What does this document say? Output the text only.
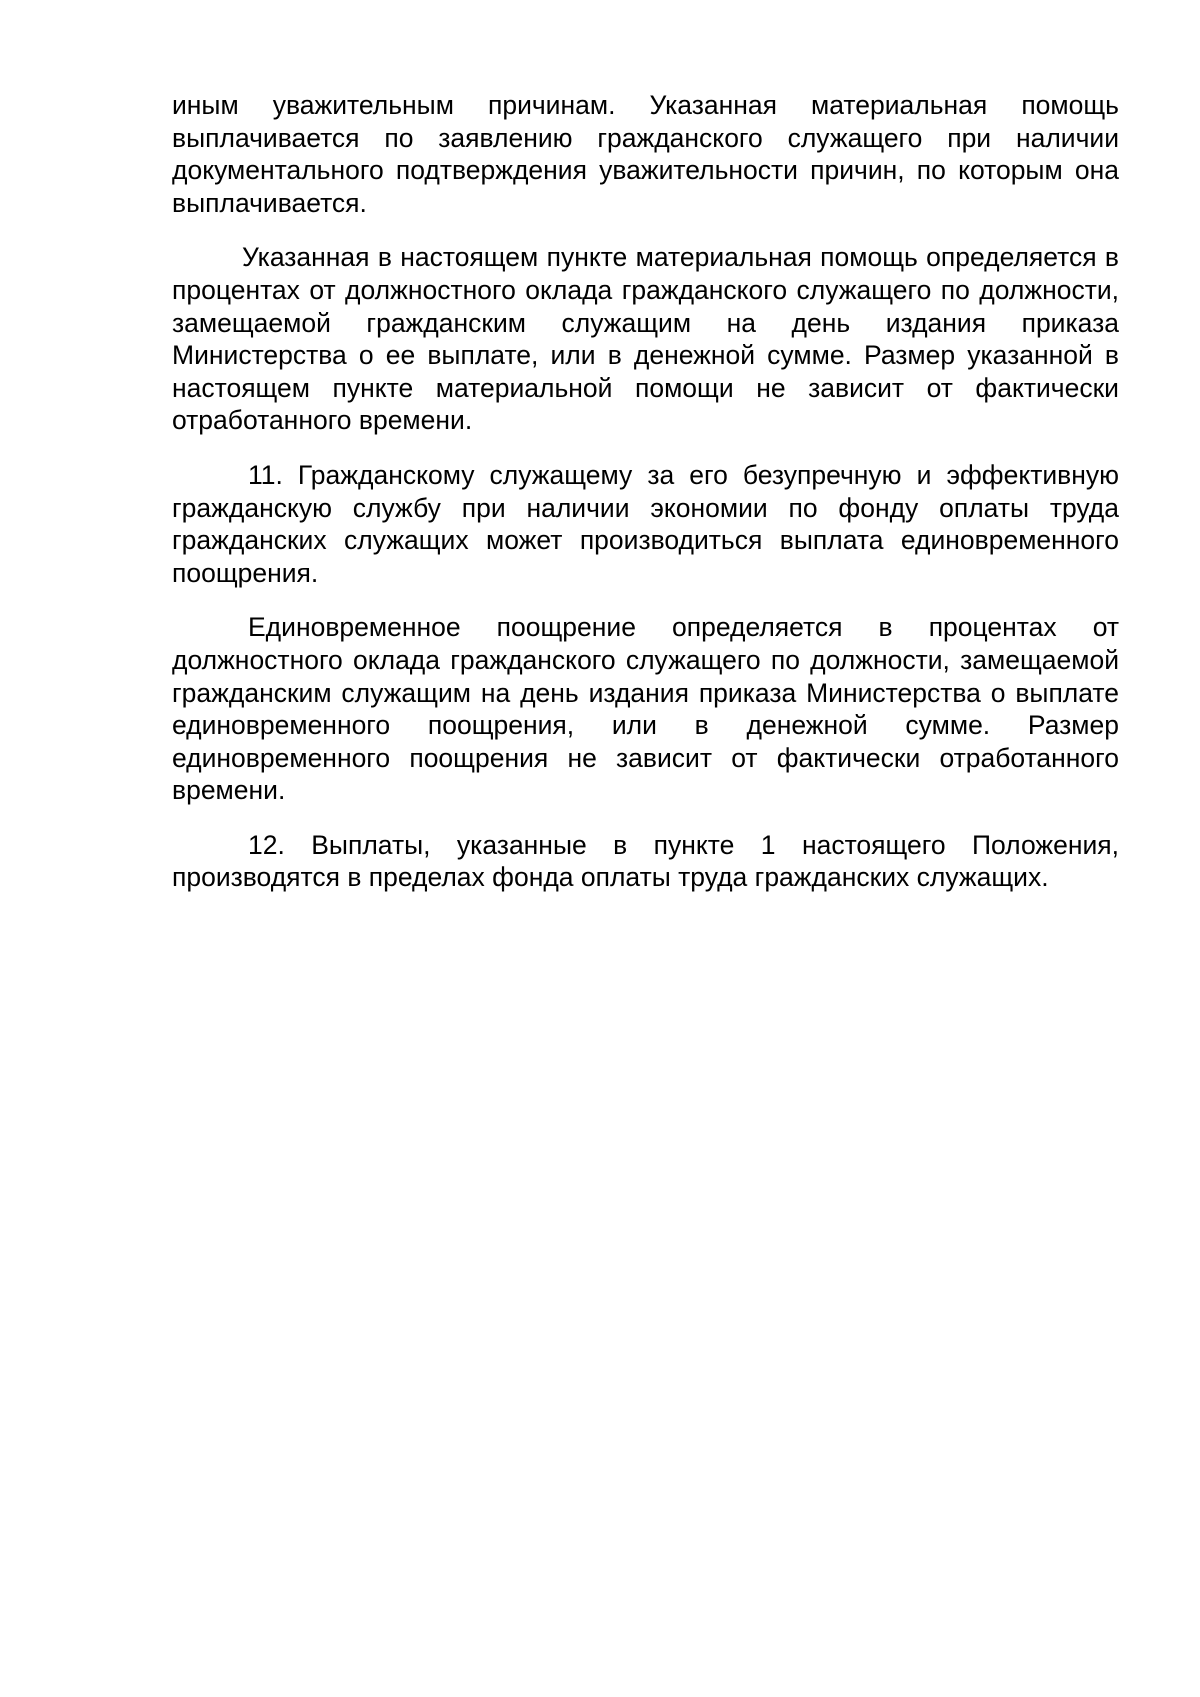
иным уважительным причинам. Указанная материальная помощь выплачивается по заявлению гражданского служащего при наличии документального подтверждения уважительности причин, по которым она выплачивается.

Указанная в настоящем пункте материальная помощь определяется в процентах от должностного оклада гражданского служащего по должности, замещаемой гражданским служащим на день издания приказа Министерства о ее выплате, или в денежной сумме. Размер указанной в настоящем пункте материальной помощи не зависит от фактически отработанного времени.

11. Гражданскому служащему за его безупречную и эффективную гражданскую службу при наличии экономии по фонду оплаты труда гражданских служащих может производиться выплата единовременного поощрения.

Единовременное поощрение определяется в процентах от должностного оклада гражданского служащего по должности, замещаемой гражданским служащим на день издания приказа Министерства о выплате единовременного поощрения, или в денежной сумме. Размер единовременного поощрения не зависит от фактически отработанного времени.

12. Выплаты, указанные в пункте 1 настоящего Положения, производятся в пределах фонда оплаты труда гражданских служащих.
